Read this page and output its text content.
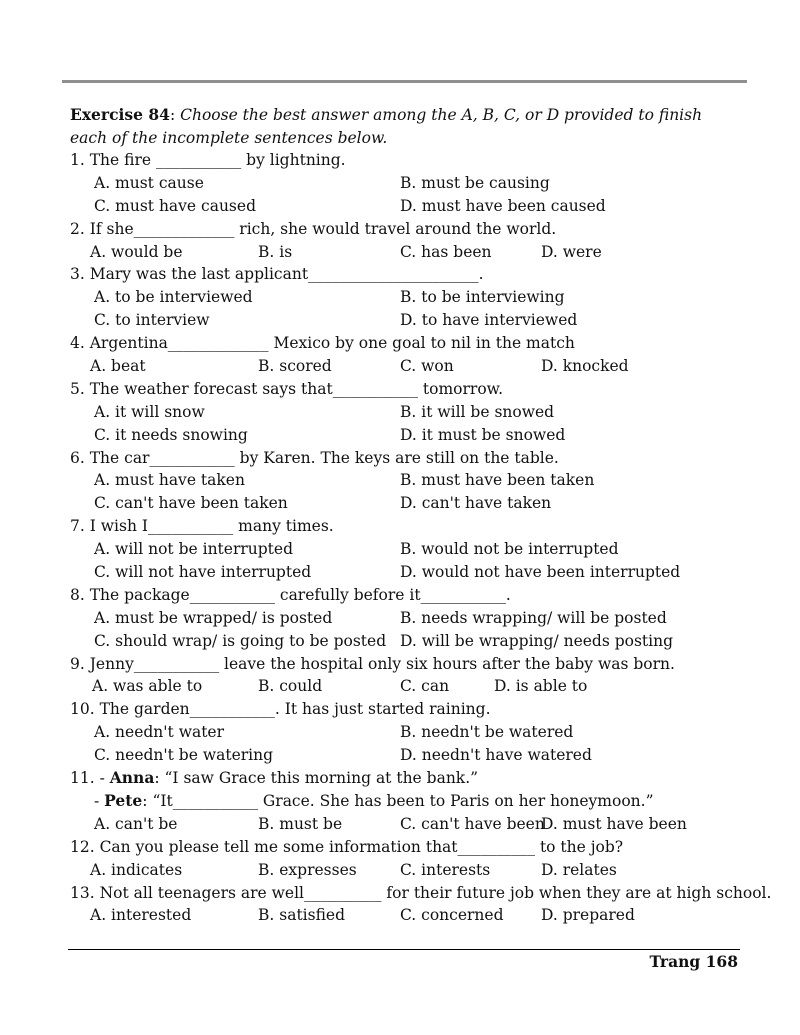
Exercise 84: Choose the best answer among the A, B, C, or D provided to finish each of the incomplete sentences below.
1. The fire ___________ by lightning.
A. must cause	B. must be causing
C. must have caused	D. must have been caused
2. If she_____________ rich, she would travel around the world.
A. would be	B. is	C. has been	D. were
3. Mary was the last applicant______________________.
A. to be interviewed	B. to be interviewing
C. to interview	D. to have interviewed
4. Argentina_____________ Mexico by one goal to nil in the match
A. beat	B. scored	C. won	D. knocked
5. The weather forecast says that___________ tomorrow.
A. it will snow	B. it will be snowed
C. it needs snowing	D. it must be snowed
6. The car___________ by Karen. The keys are still on the table.
A. must have taken	B. must have been taken
C. can't have been taken	D. can't have taken
7. I wish I___________ many times.
A. will not be interrupted	B. would not be interrupted
C. will not have interrupted	D. would not have been interrupted
8. The package___________ carefully before it___________.
A. must be wrapped/ is posted	B. needs wrapping/ will be posted
C. should wrap/ is going to be posted D. will be wrapping/ needs posting
9. Jenny___________ leave the hospital only six hours after the baby was born.
A. was able to	B. could	C. can	D. is able to
10. The garden___________. It has just started raining.
A. needn't water	B. needn't be watered
C. needn't be watering	D. needn't have watered
11. - Anna: “I saw Grace this morning at the bank.”
- Pete: “It___________ Grace. She has been to Paris on her honeymoon.”
A. can't be	B. must be	C. can't have been
D. must have been
12. Can you please tell me some information that__________ to the job?
A. indicates	B. expresses	C. interests	D. relates
13. Not all teenagers are well__________ for their future job when they are at high school.
A. interested	B. satisfied	C. concerned D. prepared
Trang 168
